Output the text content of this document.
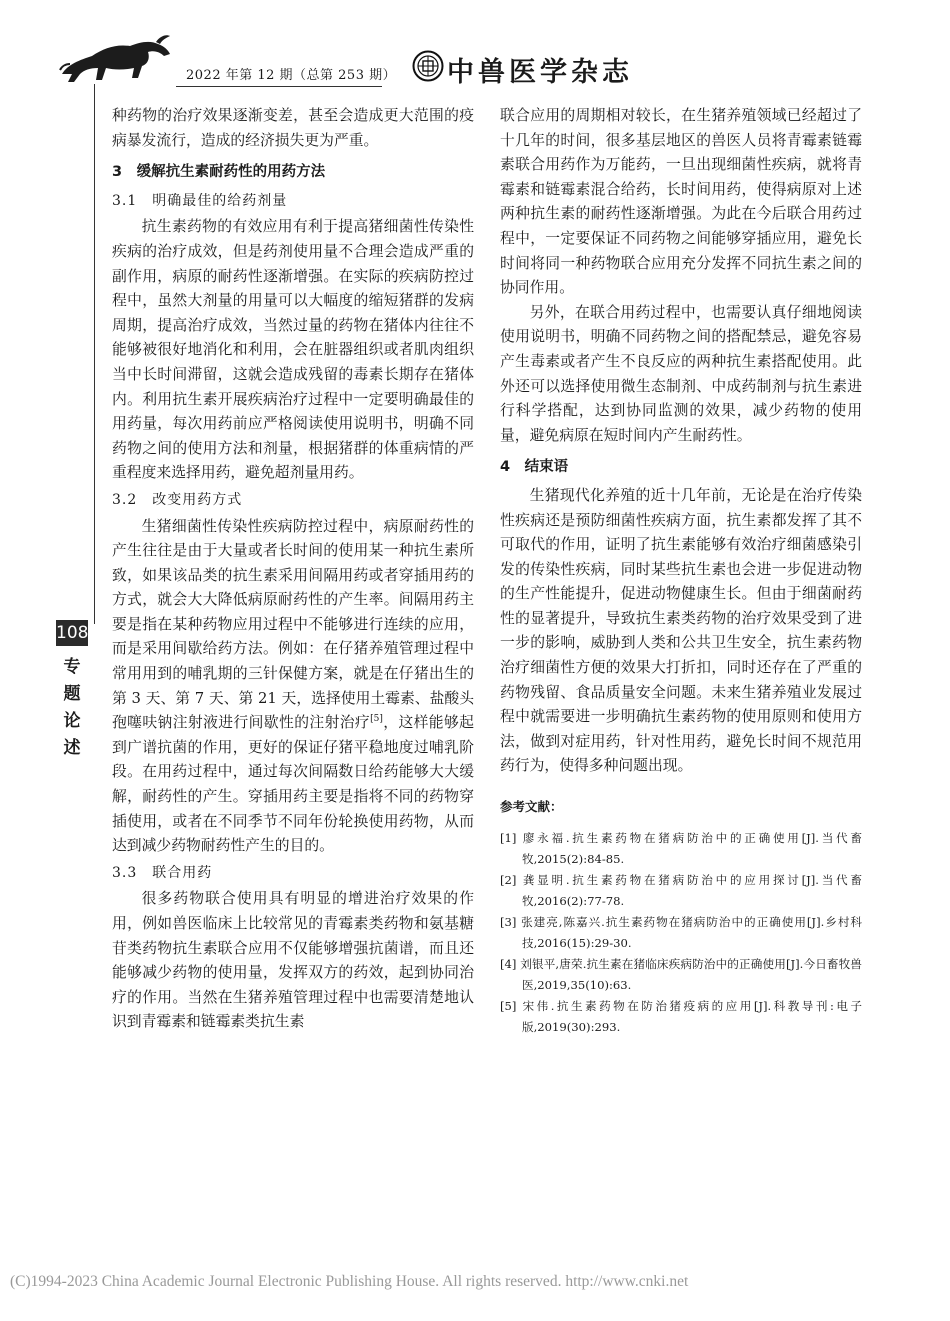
2022 年第 12 期（总第 253 期） 中兽医学杂志
108
专
题
论
述

种药物的治疗效果逐渐变差，甚至会造成更大范围的疫病暴发流行，造成的经济损失更为严重。

3　缓解抗生素耐药性的用药方法
3.1　明确最佳的给药剂量

抗生素药物的有效应用有利于提高猪细菌性传染性疾病的治疗成效，但是药剂使用量不合理会造成严重的副作用，病原的耐药性逐渐增强。在实际的疾病防控过程中，虽然大剂量的用量可以大幅度的缩短猪群的发病周期，提高治疗成效，当然过量的药物在猪体内往往不能够被很好地消化和利用，会在脏器组织或者肌肉组织当中长时间滞留，这就会造成残留的毒素长期存在猪体内。利用抗生素开展疾病治疗过程中一定要明确最佳的用药量，每次用药前应严格阅读使用说明书，明确不同药物之间的使用方法和剂量，根据猪群的体重病情的严重程度来选择用药，避免超剂量用药。

3.2　改变用药方式

生猪细菌性传染性疾病防控过程中，病原耐药性的产生往往是由于大量或者长时间的使用某一种抗生素所致，如果该品类的抗生素采用间隔用药或者穿插用药的方式，就会大大降低病原耐药性的产生率。间隔用药主要是指在某种药物应用过程中不能够进行连续的应用，而是采用间歇给药方法。例如：在仔猪养殖管理过程中常用用到的哺乳期的三针保健方案，就是在仔猪出生的第 3 天、第 7 天、第 21 天，选择使用土霉素、盐酸头孢噻呋钠注射液进行间歇性的注射治疗[5]，这样能够起到广谱抗菌的作用，更好的保证仔猪平稳地度过哺乳阶段。在用药过程中，通过每次间隔数日给药能够大大缓解，耐药性的产生。穿插用药主要是指将不同的药物穿插使用，或者在不同季节不同年份轮换使用药物，从而达到减少药物耐药性产生的目的。

3.3　联合用药

很多药物联合使用具有明显的增进治疗效果的作用，例如兽医临床上比较常见的青霉素类药物和氨基糖苷类药物抗生素联合应用不仅能够增强抗菌谱，而且还能够减少药物的使用量，发挥双方的药效，起到协同治疗的作用。当然在生猪养殖管理过程中也需要清楚地认识到青霉素和链霉素类抗生素

联合应用的周期相对较长，在生猪养殖领域已经超过了十几年的时间，很多基层地区的兽医人员将青霉素链霉素联合用药作为万能药，一旦出现细菌性疾病，就将青霉素和链霉素混合给药，长时间用药，使得病原对上述两种抗生素的耐药性逐渐增强。为此在今后联合用药过程中，一定要保证不同药物之间能够穿插应用，避免长时间将同一种药物联合应用充分发挥不同抗生素之间的协同作用。

另外，在联合用药过程中，也需要认真仔细地阅读使用说明书，明确不同药物之间的搭配禁忌，避免容易产生毒素或者产生不良反应的两种抗生素搭配使用。此外还可以选择使用微生态制剂、中成药制剂与抗生素进行科学搭配，达到协同监测的效果，减少药物的使用量，避免病原在短时间内产生耐药性。

4　结束语

生猪现代化养殖的近十几年前，无论是在治疗传染性疾病还是预防细菌性疾病方面，抗生素都发挥了其不可取代的作用，证明了抗生素能够有效治疗细菌感染引发的传染性疾病，同时某些抗生素也会进一步促进动物的生产性能提升，促进动物健康生长。但由于细菌耐药性的显著提升，导致抗生素类药物的治疗效果受到了进一步的影响，威胁到人类和公共卫生安全，抗生素药物治疗细菌性方便的效果大打折扣，同时还存在了严重的药物残留、食品质量安全问题。未来生猪养殖业发展过程中就需要进一步明确抗生素药物的使用原则和使用方法，做到对症用药，针对性用药，避免长时间不规范用药行为，使得多种问题出现。

参考文献：

[1] 廖永福.抗生素药物在猪病防治中的正确使用[J].当代畜牧,2015(2):84-85.

[2] 龚显明.抗生素药物在猪病防治中的应用探讨[J].当代畜牧,2016(2):77-78.

[3] 张建亮,陈嘉兴.抗生素药物在猪病防治中的正确使用[J].乡村科技,2016(15):29-30.

[4] 刘银平,唐荣.抗生素在猪临床疾病防治中的正确使用[J].今日畜牧兽医,2019,35(10):63.

[5] 宋伟.抗生素药物在防治猪疫病的应用[J].科教导刊:电子版,2019(30):293.

(C)1994-2023 China Academic Journal Electronic Publishing House. All rights reserved. http://www.cnki.net
